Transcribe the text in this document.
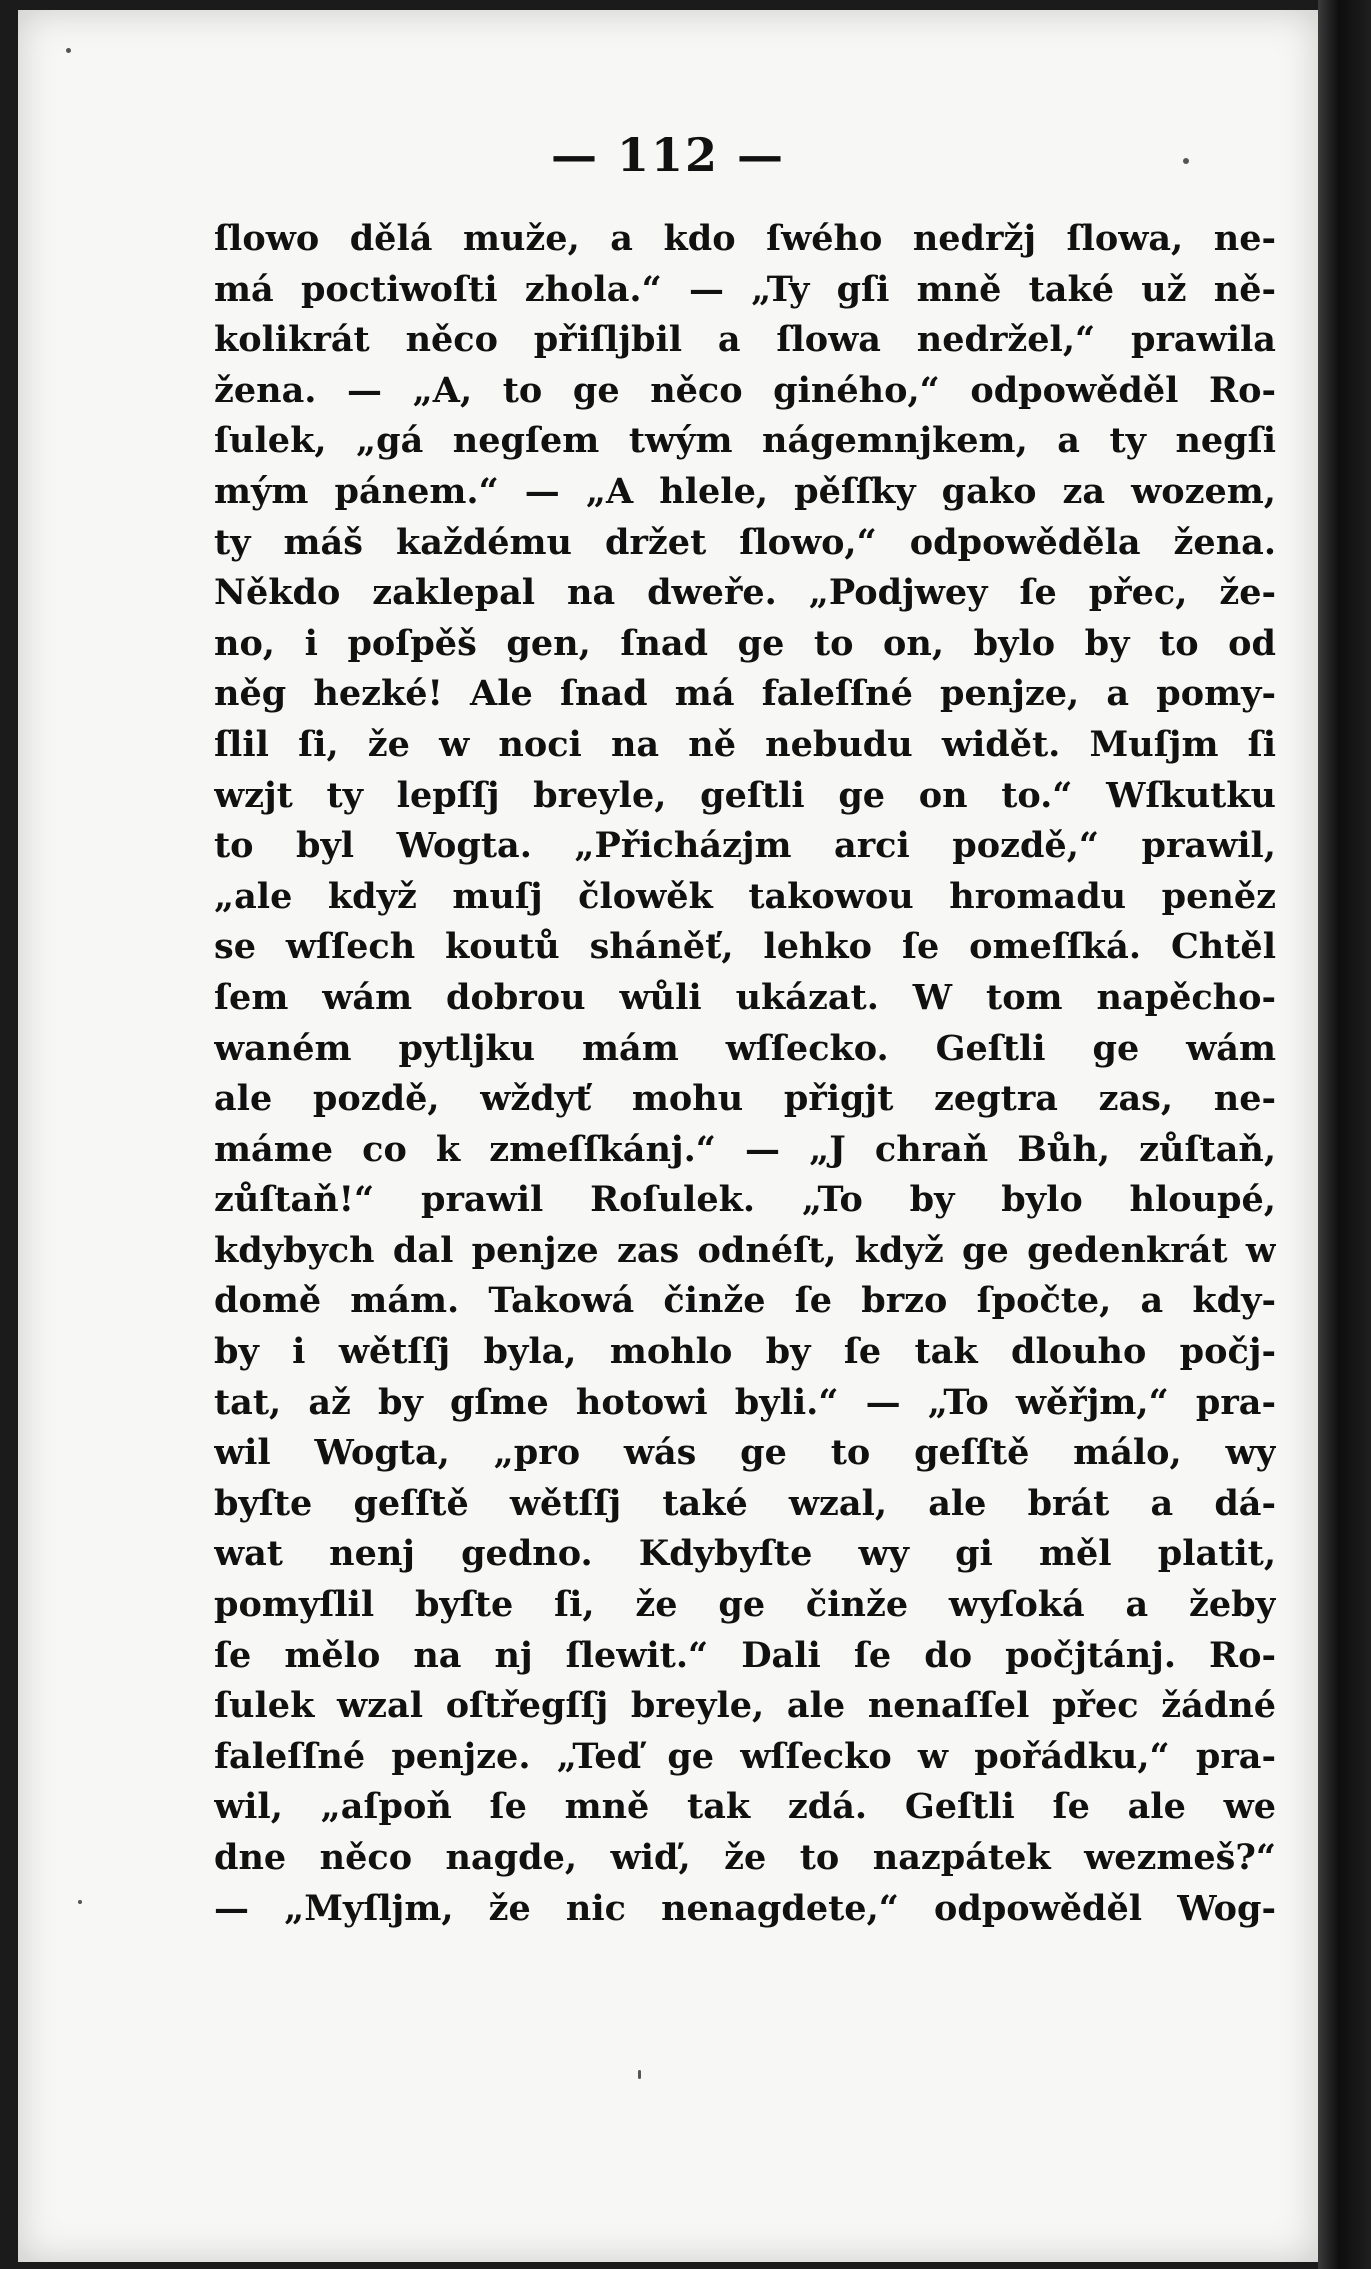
— 112 —
ſlowo dělá muže, a kdo ſwého nedržj ſlowa, ne-
má poctiwoſti zhola.“ — „Ty gſi mně také už ně-
kolikrát něco přiſljbil a ſlowa nedržel,“ prawila
žena. — „A, to ge něco giného,“ odpowěděl Ro-
ſulek, „gá negſem twým nágemnjkem, a ty negſi
mým pánem.“ — „A hlele, pěſſky gako za wozem,
ty máš každému držet ſlowo,“ odpowěděla žena.
Někdo zaklepal na dweře. „Podjwey ſe přec, že-
no, i poſpěš gen, ſnad ge to on, bylo by to od
něg hezké! Ale ſnad má faleſſné penjze, a pomy-
ſlil ſi, že w noci na ně nebudu widět. Muſjm ſi
wzjt ty lepſſj breyle, geſtli ge on to.“ Wſkutku
to byl Wogta. „Přicházjm arci pozdě,“ prawil,
„ale když muſj člowěk takowou hromadu peněz
se wſſech koutů sháněť, lehko ſe omeſſká. Chtěl
ſem wám dobrou wůli ukázat. W tom napěcho-
waném pytljku mám wſſecko. Geſtli ge wám
ale pozdě, wždyť mohu přigjt zegtra zas, ne-
máme co k zmeſſkánj.“ — „J chraň Bůh, zůſtaň,
zůſtaň!“ prawil Roſulek. „To by bylo hloupé,
kdybych dal penjze zas odnéſt, když ge gedenkrát w
domě mám. Takowá činže ſe brzo ſpočte, a kdy-
by i wětſſj byla, mohlo by ſe tak dlouho počj-
tat, až by gſme hotowi byli.“ — „To wěřjm,“ pra-
wil Wogta, „pro wás ge to geſſtě málo, wy
byſte geſſtě wětſſj také wzal, ale brát a dá-
wat nenj gedno. Kdybyſte wy gi měl platit,
pomyſlil byſte ſi, že ge činže wyſoká a žeby
ſe mělo na nj ſlewit.“ Dali ſe do počjtánj. Ro-
ſulek wzal oſtřegſſj breyle, ale nenaſſel přec žádné
faleſſné penjze. „Teď ge wſſecko w pořádku,“ pra-
wil, „aſpoň ſe mně tak zdá. Geſtli ſe ale we
dne něco nagde, wiď, že to nazpátek wezmeš?“
— „Myſljm, že nic nenagdete,“ odpowěděl Wog-
